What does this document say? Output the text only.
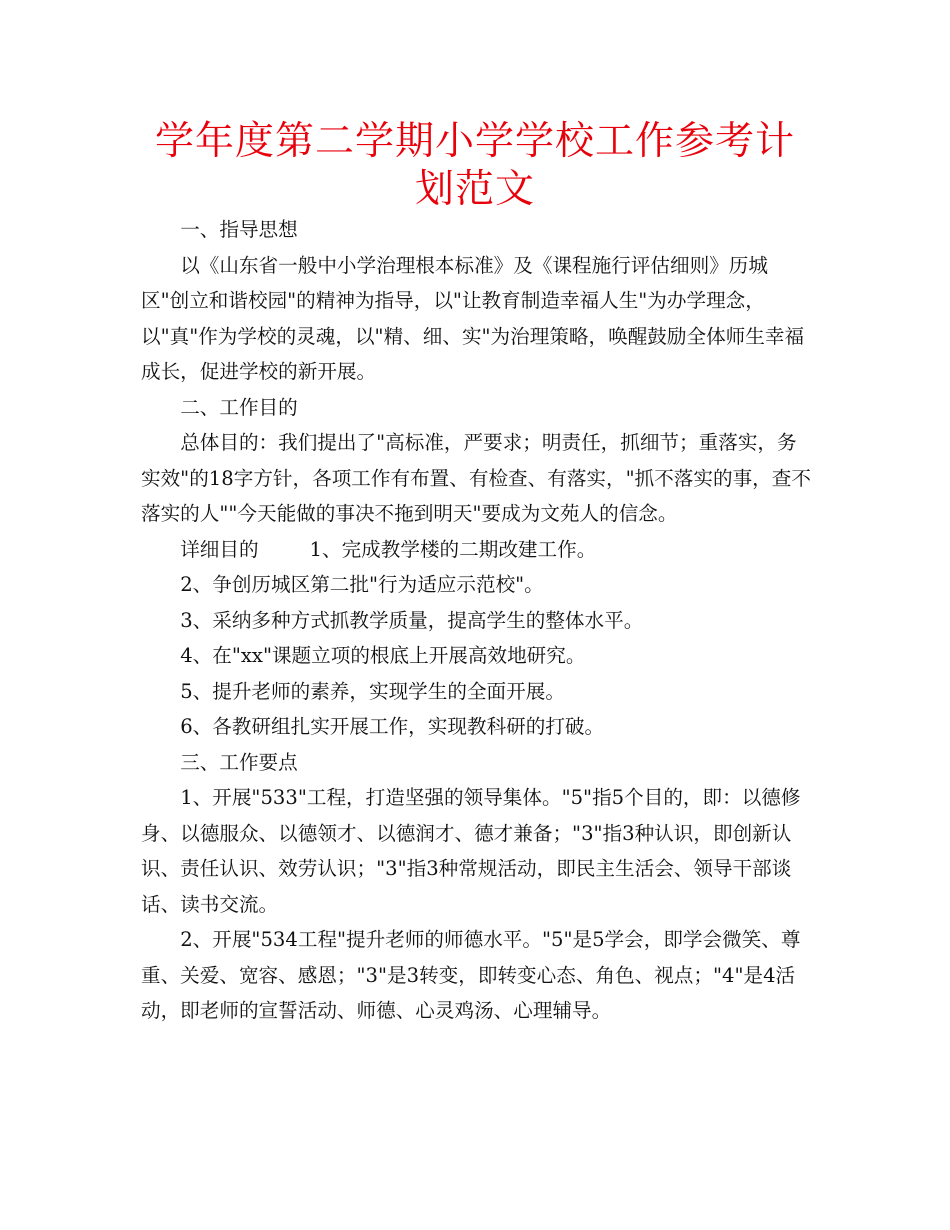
学年度第二学期小学学校工作参考计划范文

一、指导思想

以《山东省一般中小学治理根本标准》及《课程施行评估细则》历城区"创立和谐校园"的精神为指导，以"让教育制造幸福人生"为办学理念，以"真"作为学校的灵魂，以"精、细、实"为治理策略，唤醒鼓励全体师生幸福成长，促进学校的新开展。

二、工作目的

总体目的：我们提出了"高标准，严要求；明责任，抓细节；重落实，务实效"的18字方针，各项工作有布置、有检查、有落实，"抓不落实的事，查不落实的人""今天能做的事决不拖到明天"要成为文苑人的信念。

详细目的	1、完成教学楼的二期改建工作。

2、争创历城区第二批"行为适应示范校"。

3、采纳多种方式抓教学质量，提高学生的整体水平。

4、在"xx"课题立项的根底上开展高效地研究。

5、提升老师的素养，实现学生的全面开展。

6、各教研组扎实开展工作，实现教科研的打破。

三、工作要点

1、开展"533"工程，打造坚强的领导集体。"5"指5个目的，即：以德修身、以德服众、以德领才、以德润才、德才兼备；"3"指3种认识，即创新认识、责任认识、效劳认识；"3"指3种常规活动，即民主生活会、领导干部谈话、读书交流。

2、开展"534工程"提升老师的师德水平。"5"是5学会，即学会微笑、尊重、关爱、宽容、感恩；"3"是3转变，即转变心态、角色、视点；"4"是4活动，即老师的宣誓活动、师德、心灵鸡汤、心理辅导。
